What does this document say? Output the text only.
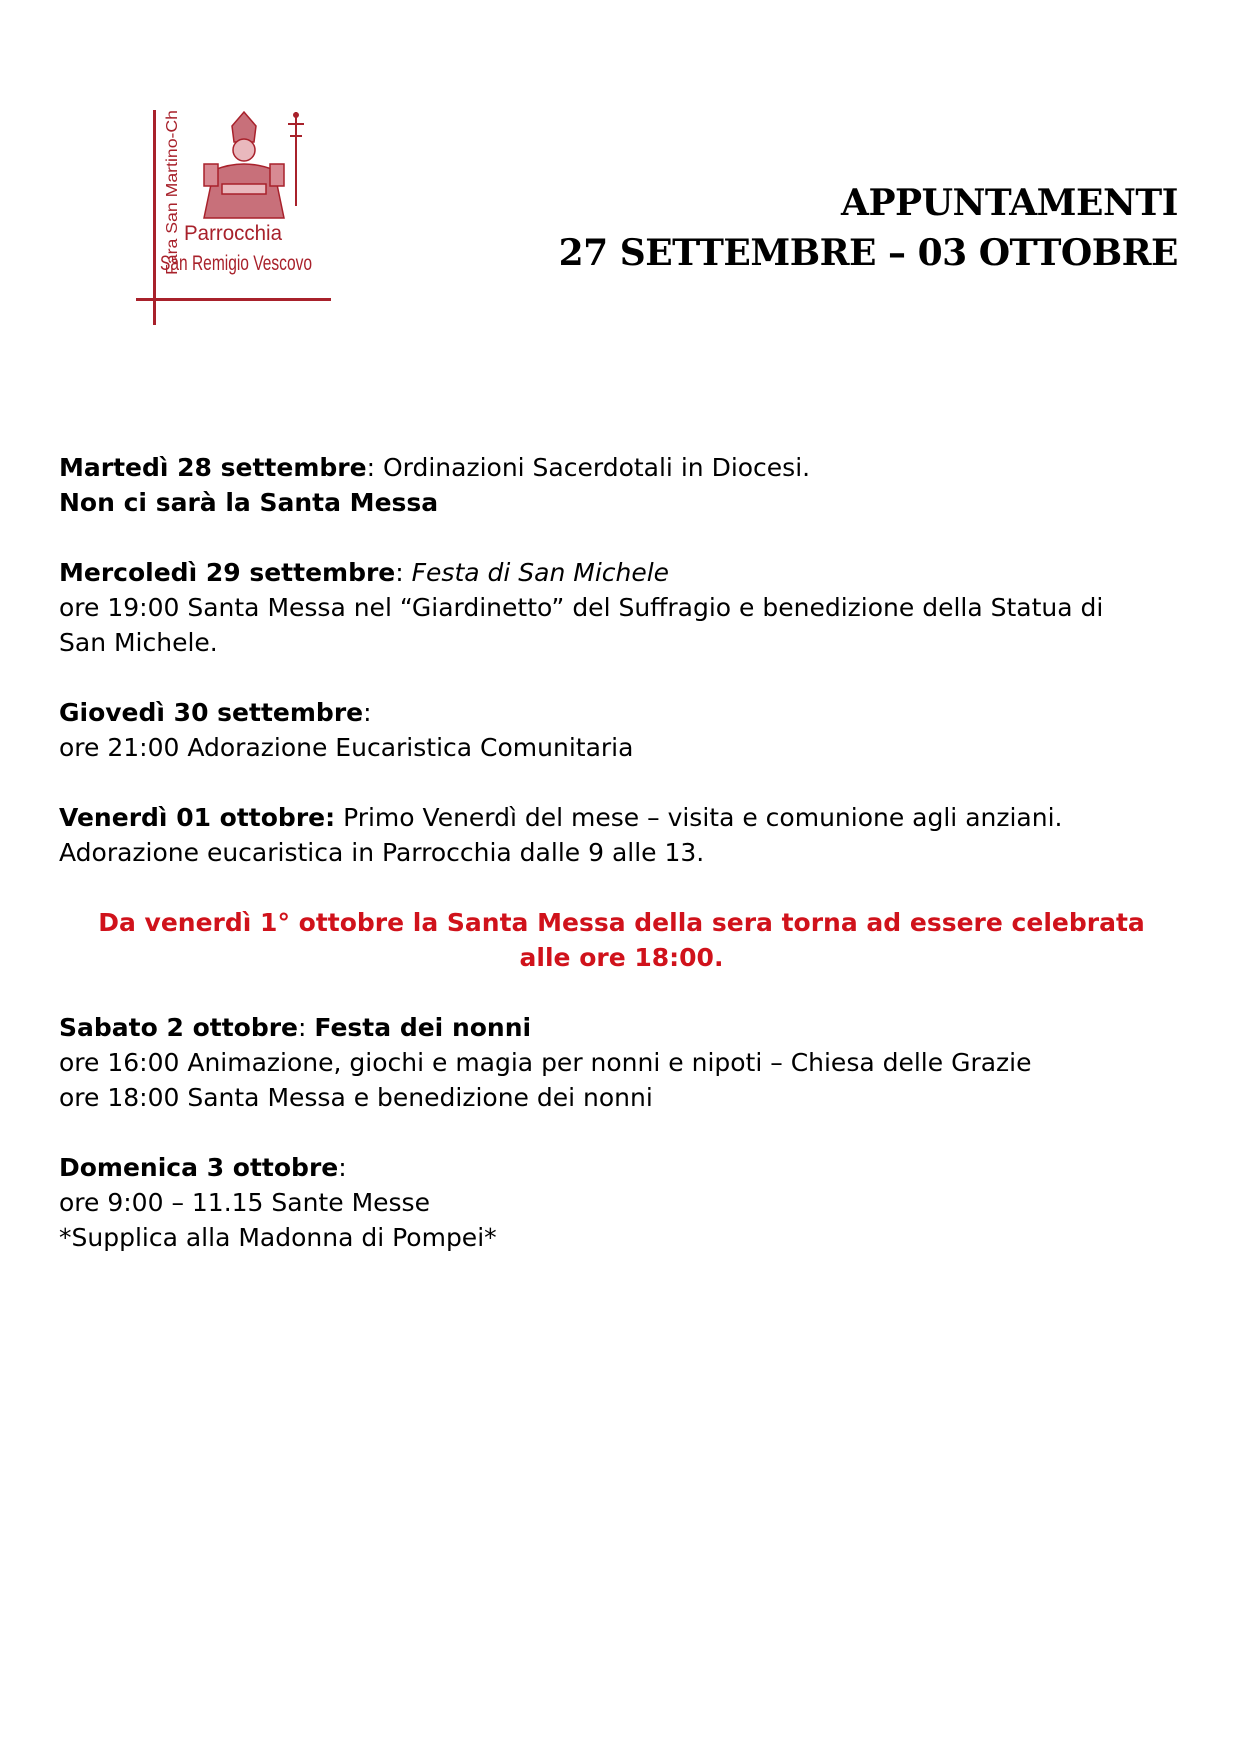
Fara San Martino-Ch Parrocchia
San Remigio Vescovo
APPUNTAMENTI
27 SETTEMBRE – 03 OTTOBRE

Martedì 28 settembre: Ordinazioni Sacerdotali in Diocesi.

Non ci sarà la Santa Messa

Mercoledì 29 settembre: Festa di San Michele

ore 19:00 Santa Messa nel “Giardinetto” del Suffragio e benedizione della Statua di

San Michele.

Giovedì 30 settembre:

ore 21:00 Adorazione Eucaristica Comunitaria

Venerdì 01 ottobre: Primo Venerdì del mese – visita e comunione agli anziani.

Adorazione eucaristica in Parrocchia dalle 9 alle 13.

Da venerdì 1° ottobre la Santa Messa della sera torna ad essere celebrata

alle ore 18:00.

Sabato 2 ottobre: Festa dei nonni

ore 16:00 Animazione, giochi e magia per nonni e nipoti – Chiesa delle Grazie

ore 18:00 Santa Messa e benedizione dei nonni

Domenica 3 ottobre:

ore 9:00 – 11.15 Sante Messe

*Supplica alla Madonna di Pompei*
